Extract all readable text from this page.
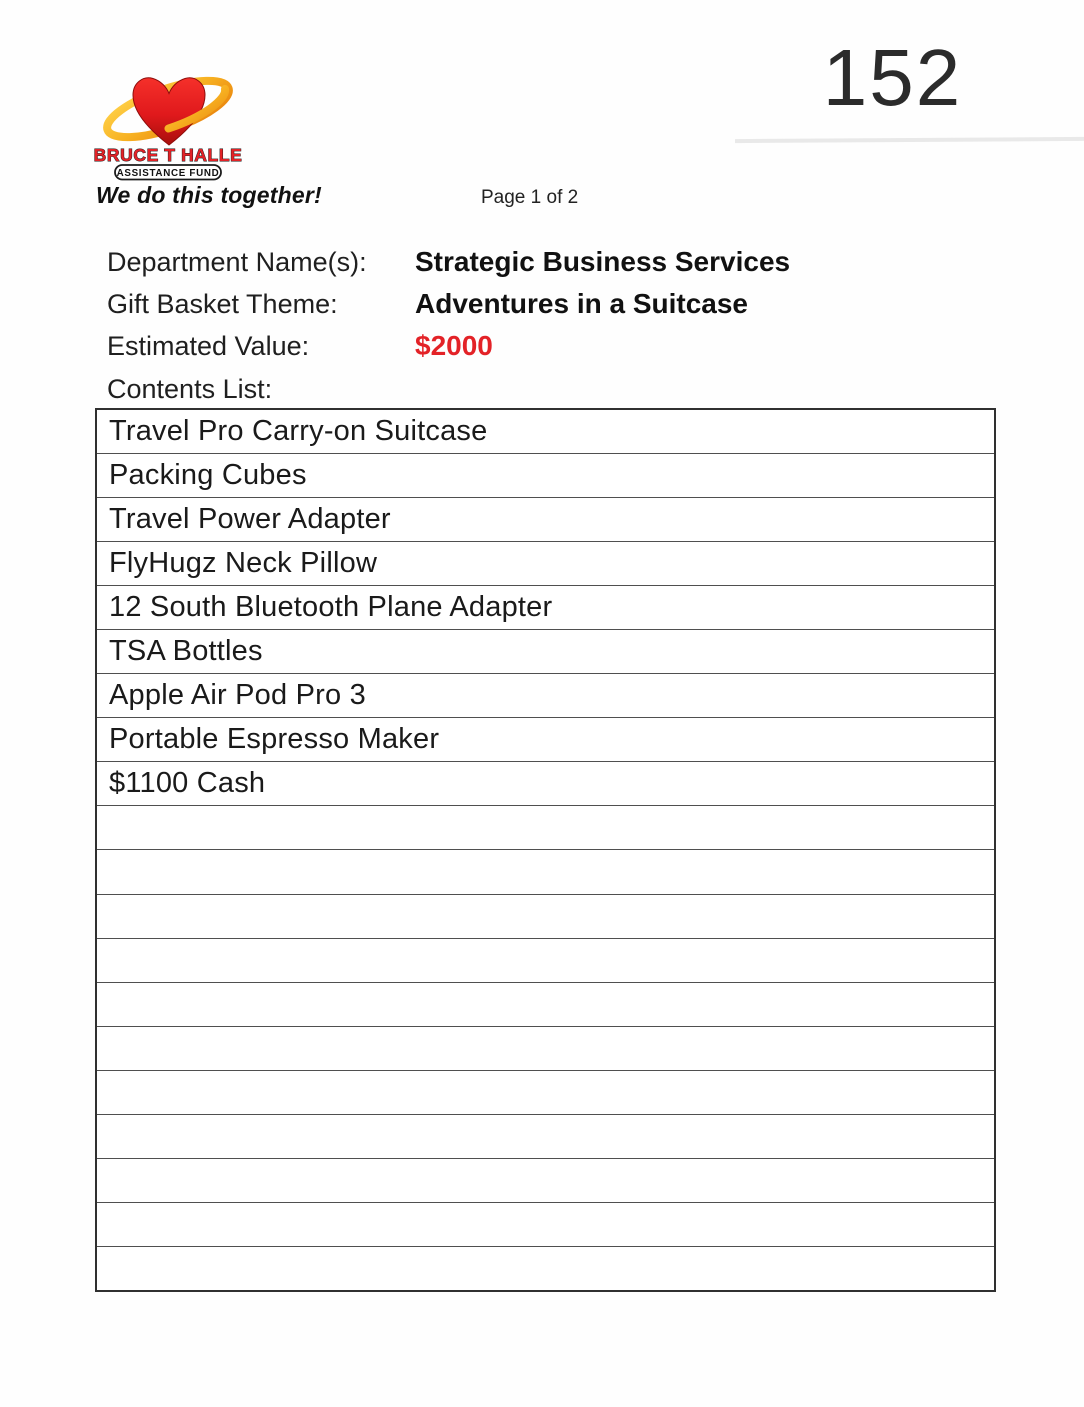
BRUCE T HALLE
ASSISTANCE FUND
We do this together!	Page 1 of 2
152
Department Name(s): Strategic Business Services
Gift Basket Theme:	Adventures in a Suitcase
Estimated Value:	$2000
Contents List:
Travel Pro Carry-on Suitcase
Packing Cubes
Travel Power Adapter
FlyHugz Neck Pillow
12 South Bluetooth Plane Adapter
TSA Bottles
Apple Air Pod Pro 3
Portable Espresso Maker
$1100 Cash
